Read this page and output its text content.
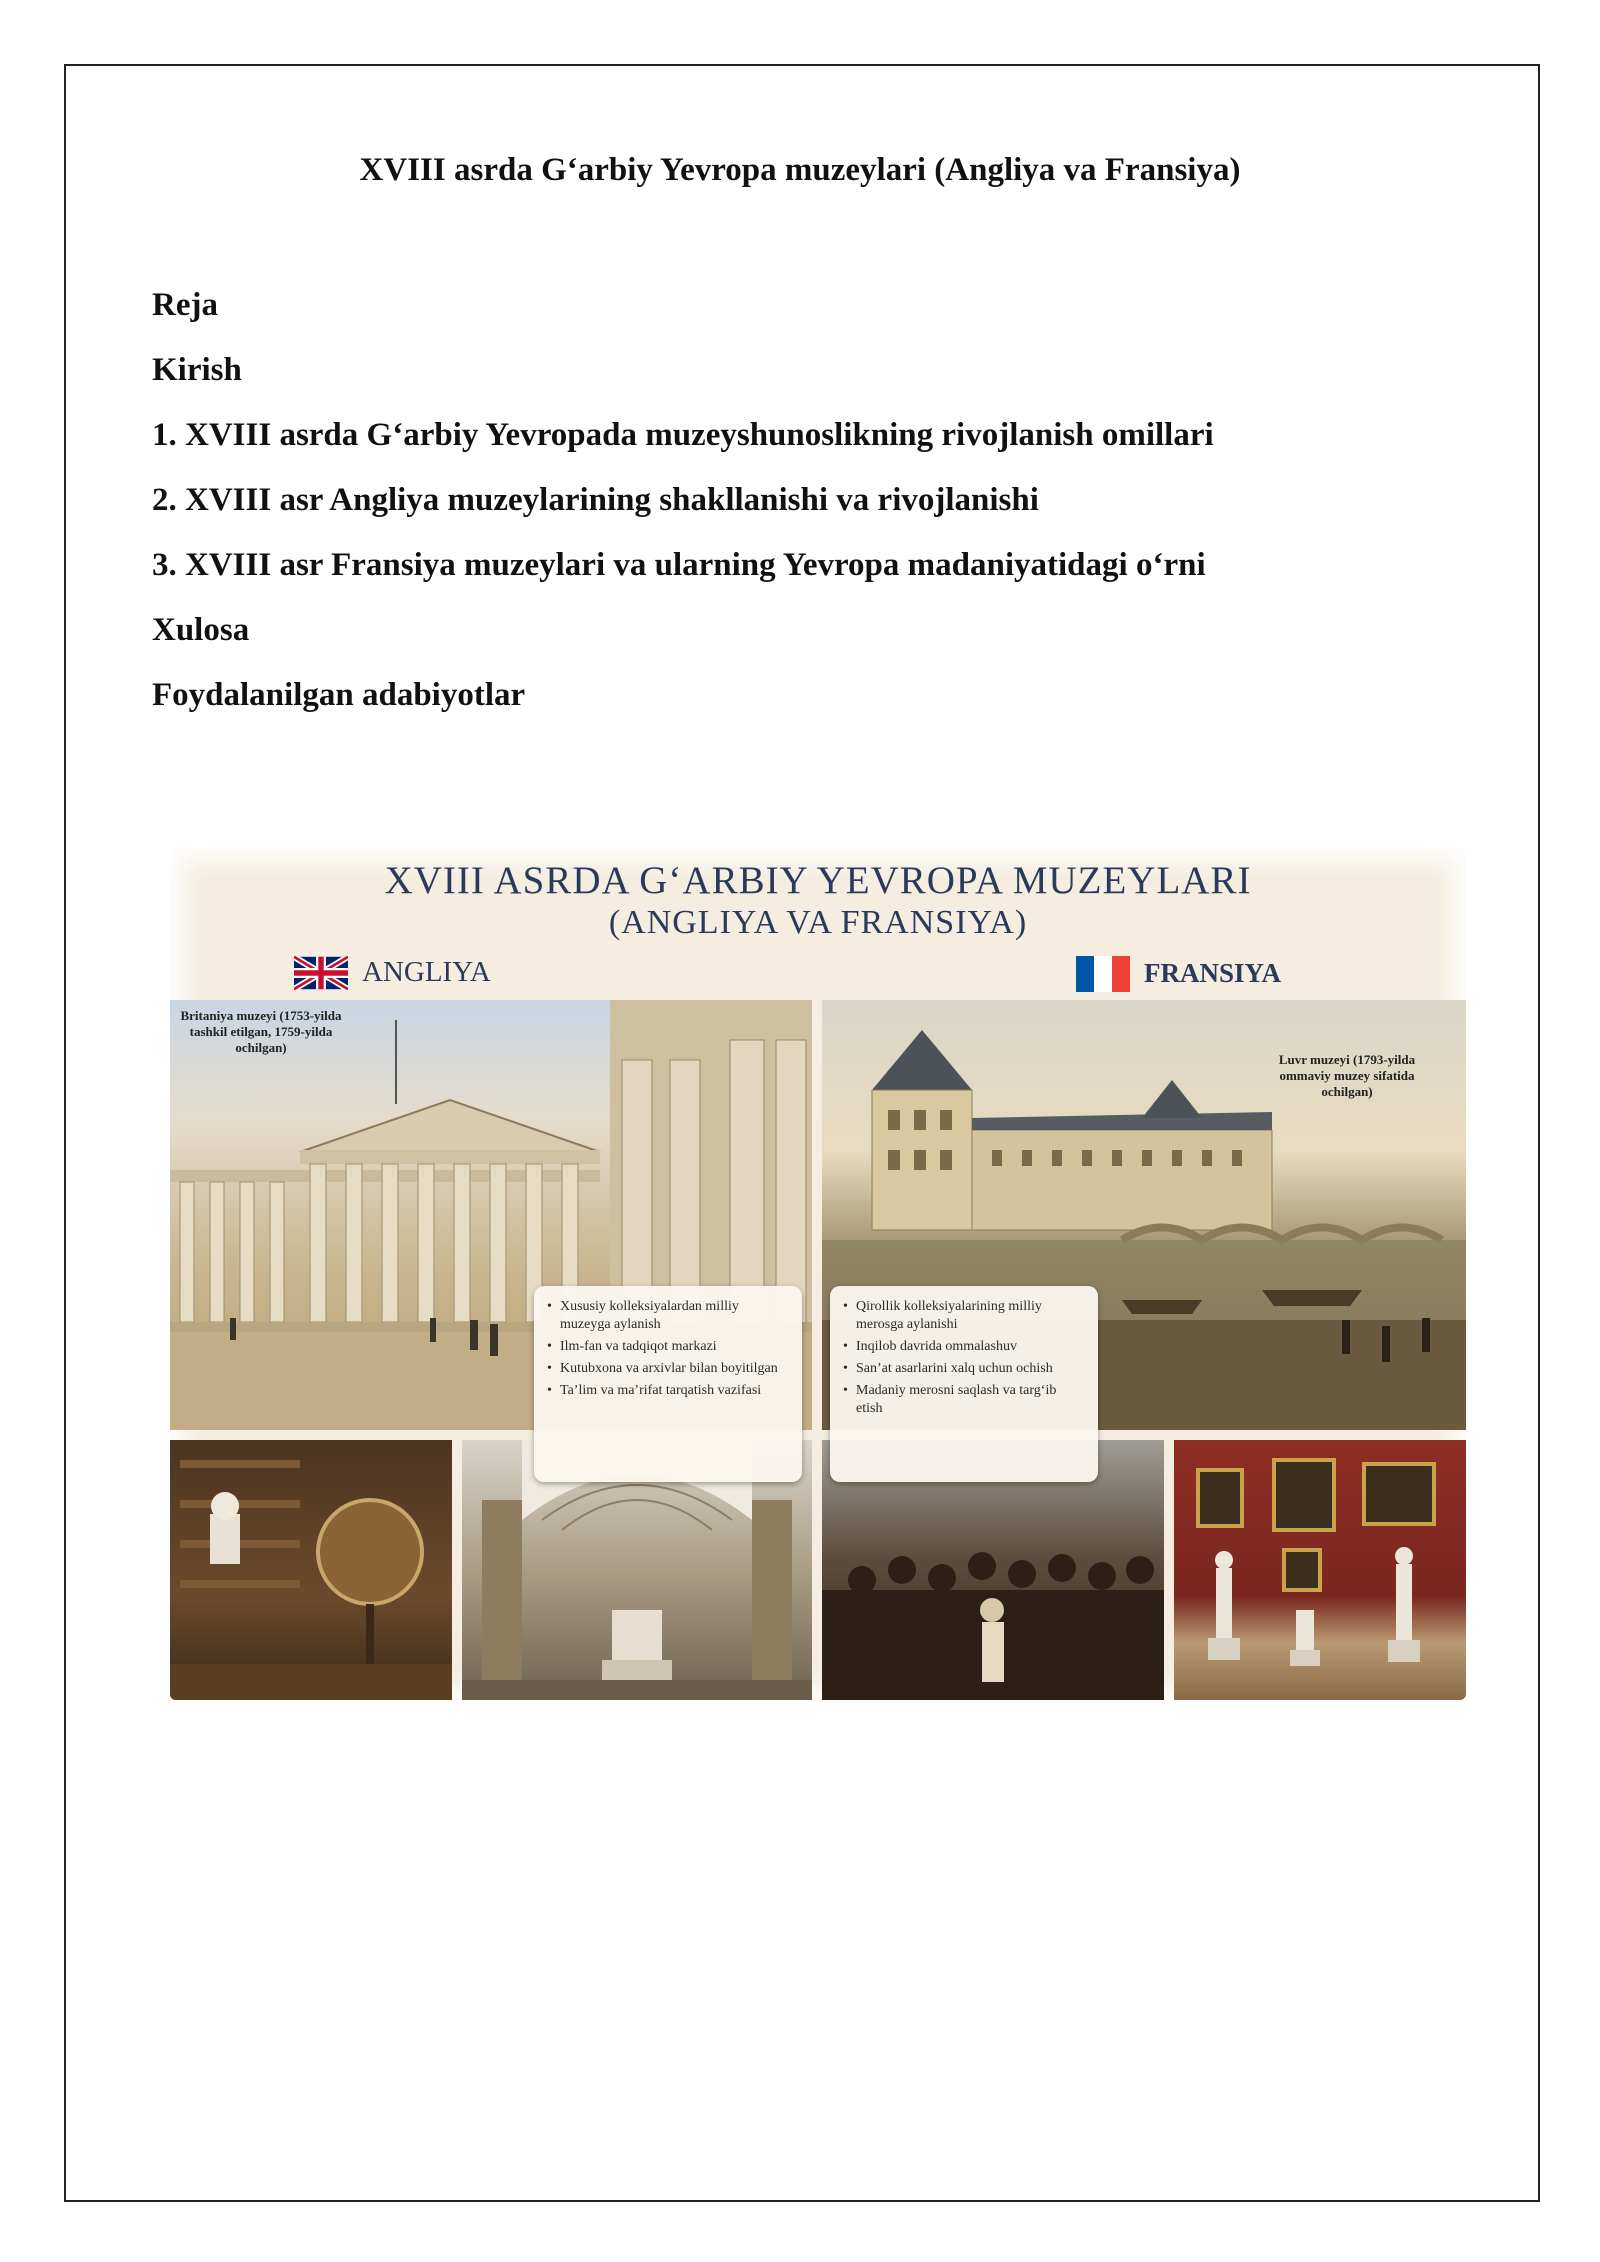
XVIII asrda G‘arbiy Yevropa muzeylari (Angliya va Fransiya)
Reja
Kirish
1. XVIII asrda G‘arbiy Yevropada muzeyshunoslikning rivojlanish omillari
2. XVIII asr Angliya muzeylarining shakllanishi va rivojlanishi
3. XVIII asr Fransiya muzeylari va ularning Yevropa madaniyatidagi o‘rni
Xulosa
Foydalanilgan adabiyotlar
XVIII ASRDA G‘ARBIY YEVROPA MUZEYLARI
(ANGLIYA VA FRANSIYA)
ANGLIYA	FRANSIYA
Britaniya muzeyi (1753-yilda tashkil etilgan, 1759-yilda ochilgan)
Luvr muzeyi (1793-yilda ommaviy muzey sifatida ochilgan)
• Xususiy kolleksiyalardan milliy muzeyga aylanish
• Ilm-fan va tadqiqot markazi
• Kutubxona va arxivlar bilan boyitilgan
• Ta’lim va ma’rifat tarqatish vazifasi
• Qirollik kolleksiyalarining milliy merosga aylanishi
• Inqilob davrida ommalashuv
• San’at asarlarini xalq uchun ochish
• Madaniy merosni saqlash va targ‘ib etish
